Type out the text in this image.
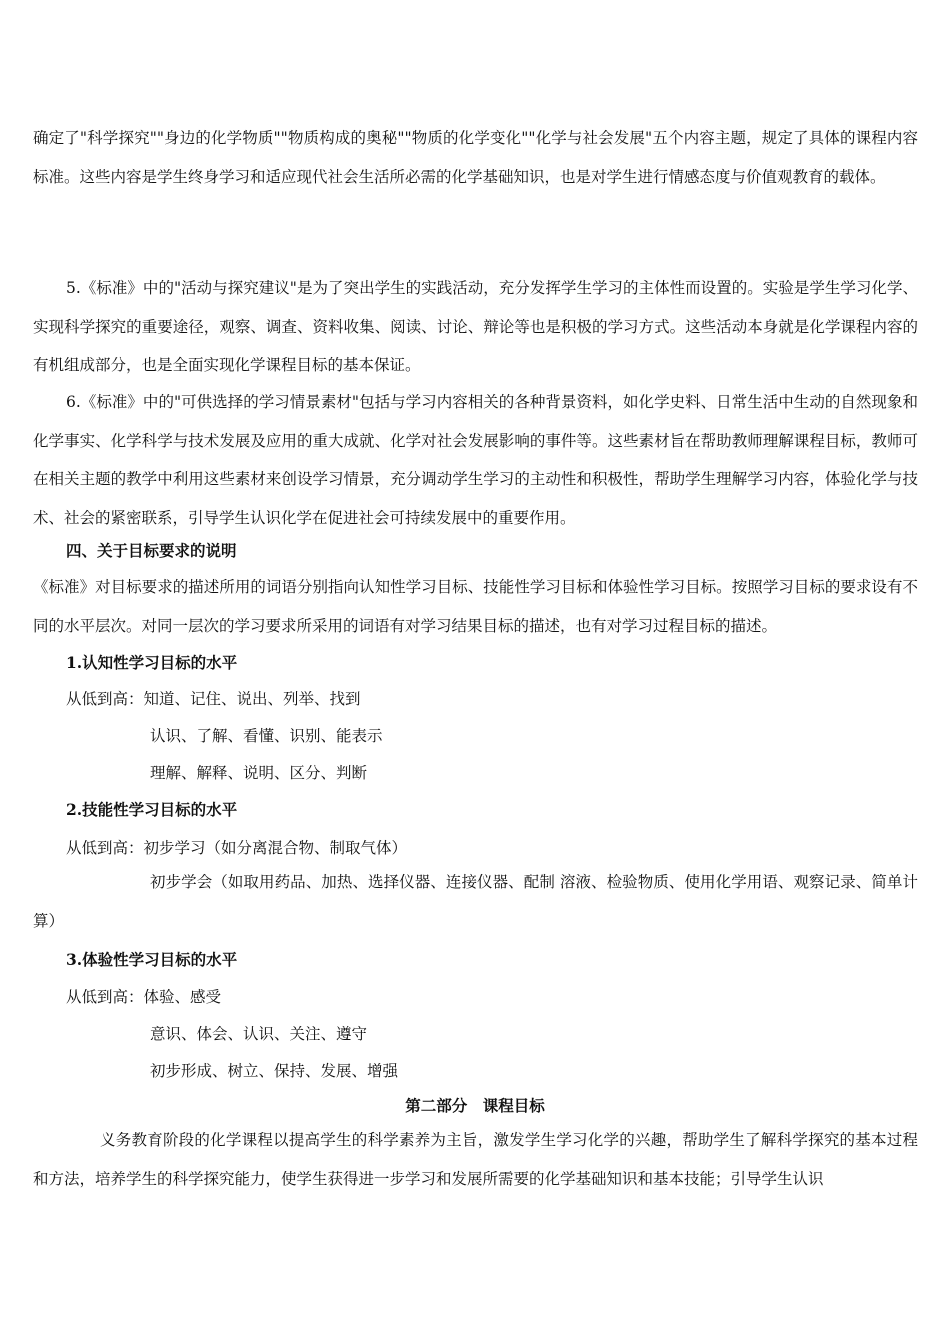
确定了"科学探究""身边的化学物质""物质构成的奥秘""物质的化学变化""化学与社会发展"五个内容主题，规定了具体的课程内容标准。这些内容是学生终身学习和适应现代社会生活所必需的化学基础知识，也是对学生进行情感态度与价值观教育的载体。

5.《标准》中的"活动与探究建议"是为了突出学生的实践活动，充分发挥学生学习的主体性而设置的。实验是学生学习化学、实现科学探究的重要途径，观察、调查、资料收集、阅读、讨论、辩论等也是积极的学习方式。这些活动本身就是化学课程内容的有机组成部分，也是全面实现化学课程目标的基本保证。

6.《标准》中的"可供选择的学习情景素材"包括与学习内容相关的各种背景资料，如化学史料、日常生活中生动的自然现象和化学事实、化学科学与技术发展及应用的重大成就、化学对社会发展影响的事件等。这些素材旨在帮助教师理解课程目标，教师可在相关主题的教学中利用这些素材来创设学习情景，充分调动学生学习的主动性和积极性，帮助学生理解学习内容，体验化学与技术、社会的紧密联系，引导学生认识化学在促进社会可持续发展中的重要作用。

四、关于目标要求的说明

《标准》对目标要求的描述所用的词语分别指向认知性学习目标、技能性学习目标和体验性学习目标。按照学习目标的要求设有不同的水平层次。对同一层次的学习要求所采用的词语有对学习结果目标的描述，也有对学习过程目标的描述。

1.认知性学习目标的水平

从低到高：知道、记住、说出、列举、找到

认识、了解、看懂、识别、能表示

理解、解释、说明、区分、判断

2.技能性学习目标的水平

从低到高：初步学习（如分离混合物、制取气体）

初步学会（如取用药品、加热、选择仪器、连接仪器、配制 溶液、检验物质、使用化学用语、观察记录、简单计算）

3.体验性学习目标的水平

从低到高：体验、感受

意识、体会、认识、关注、遵守

初步形成、树立、保持、发展、增强

第二部分　课程目标

义务教育阶段的化学课程以提高学生的科学素养为主旨，激发学生学习化学的兴趣，帮助学生了解科学探究的基本过程和方法，培养学生的科学探究能力，使学生获得进一步学习和发展所需要的化学基础知识和基本技能；引导学生认识
